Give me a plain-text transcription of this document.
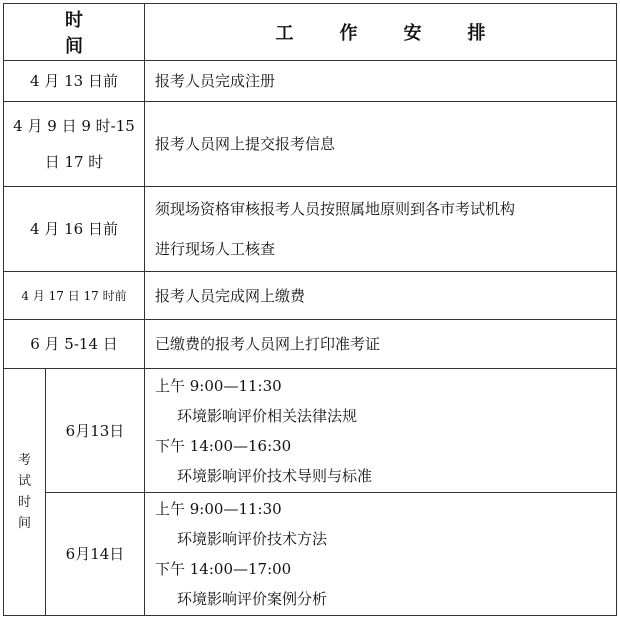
时间		工作安排
4 月 13 日前		报考人员完成注册

4 月 9 日 9 时-15
日 17 时		报考人员网上提交报考信息
4 月 16 日前		须现场资格审核报考人员按照属地原则到各市考试机构
进行现场人工核查

4 月 17 日 17 时前		报考人员完成网上缴费
6 月 5-14 日		已缴费的报考人员网上打印准考证

考
试
时
间	6月13日	上午 9:00—11:30
环境影响评价相关法律法规
下午 14:00—16:30
环境影响评价技术导则与标准

	6月14日	上午 9:00—11:30
环境影响评价技术方法
下午 14:00—17:00
环境影响评价案例分析
